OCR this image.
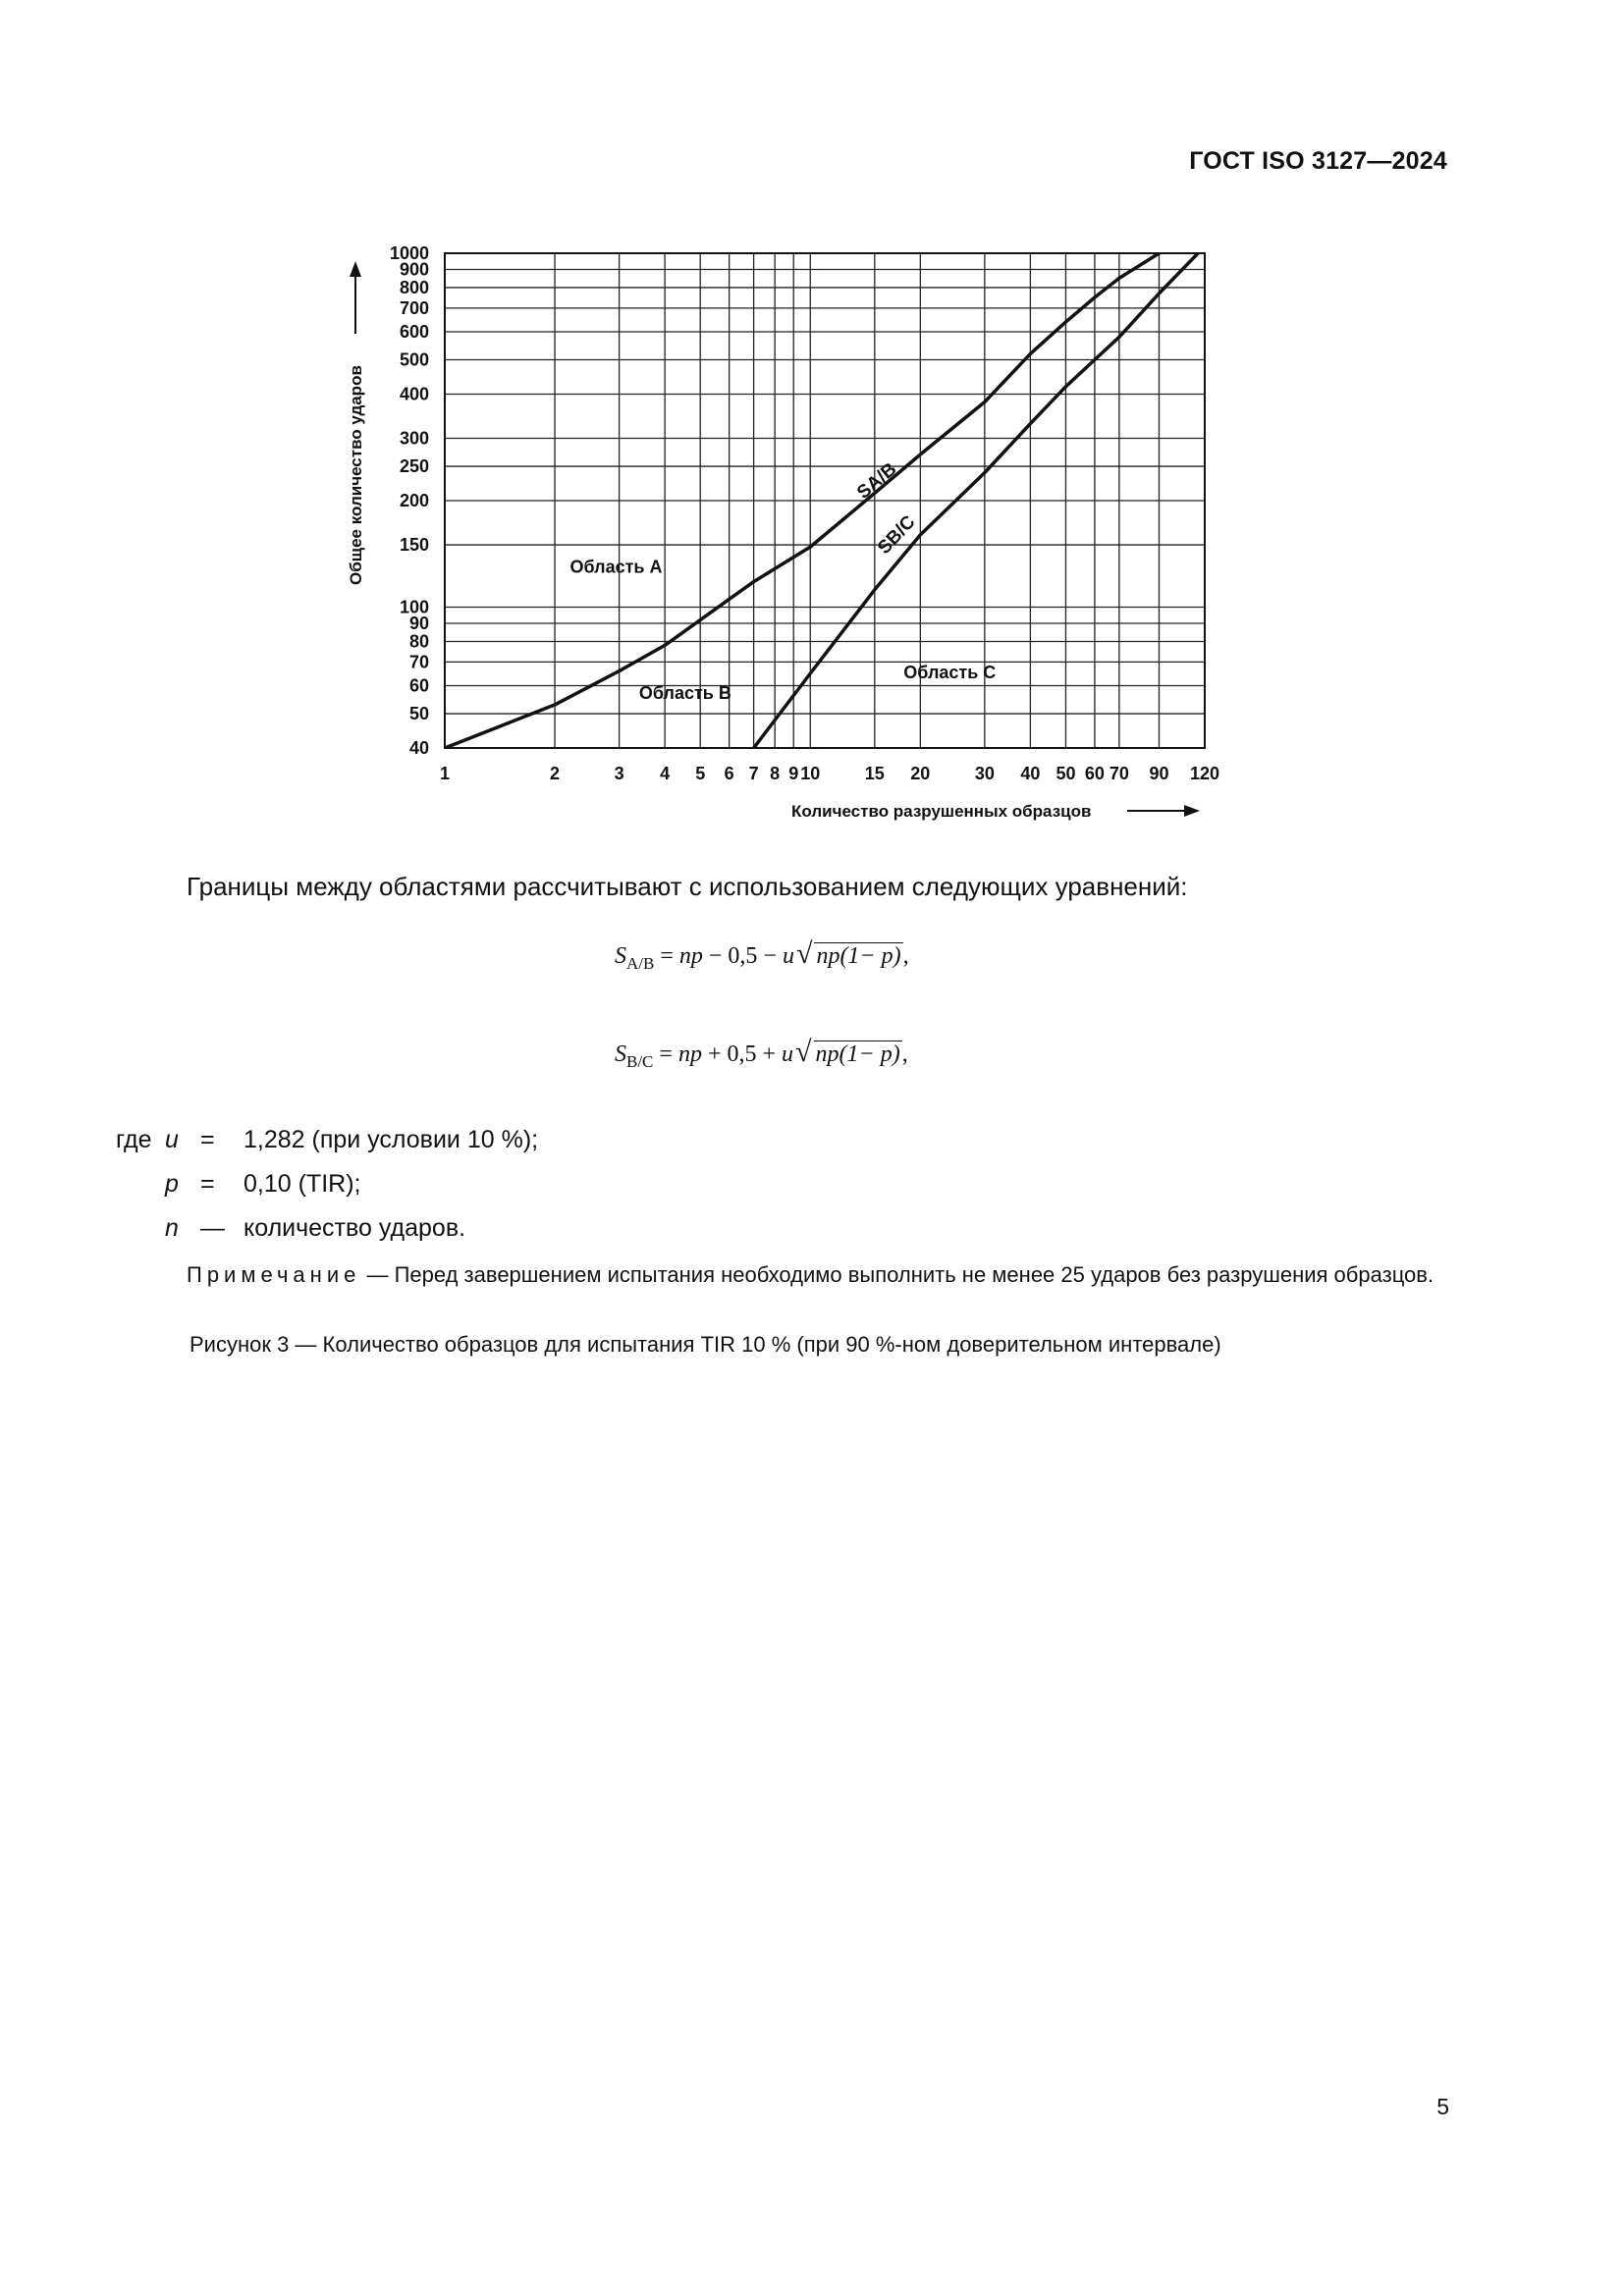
ГОСТ ISO 3127—2024
1	2	3 4 5 6 7 8 9 10	15 20	30 40 50 60 70 90 120
40
50
60
70
80
90
100
150
200
250
300
400
500
600
700
800
900
1000
SA/B
SB/C
Область A
Область B
Область C
Количество разрушенных образцов
Общее количество ударов
Границы между областями рассчитывают с использованием следующих уравнений:
$S_{A/B}$ = np − 0,5 − u√ np(1− p),
$S_{B/C}$ = np + 0,5 + u√ np(1− p),
где u =	1,282 (при условии 10 %);
p =	0,10 (TIR);
n — количество ударов.
Примечание — Перед завершением испытания необходимо выполнить не менее 25 ударов без разрушения образцов.
Рисунок 3 — Количество образцов для испытания TIR 10 % (при 90 %-ном доверительном интервале)
5
